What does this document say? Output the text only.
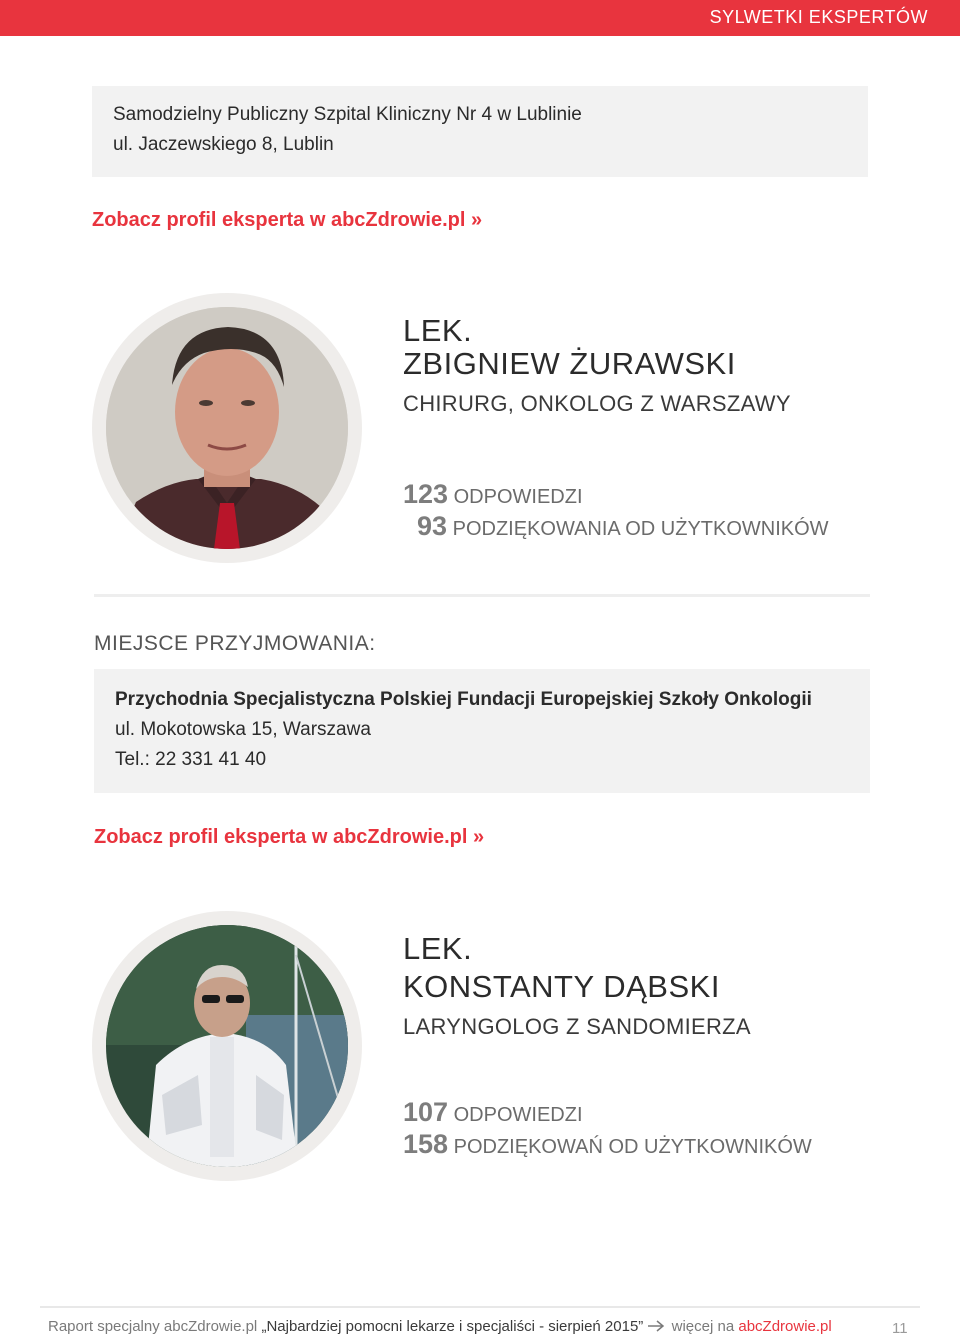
SYLWETKI EKSPERTÓW
Samodzielny Publiczny Szpital Kliniczny Nr 4 w Lublinie
ul. Jaczewskiego 8, Lublin
Zobacz profil eksperta w abcZdrowie.pl »
LEK.
ZBIGNIEW ŻURAWSKI
CHIRURG, ONKOLOG Z WARSZAWY
123 ODPOWIEDZI
93 PODZIĘKOWANIA OD UŻYTKOWNIKÓW
MIEJSCE PRZYJMOWANIA:
Przychodnia Specjalistyczna Polskiej Fundacji Europejskiej Szkoły Onkologii
ul. Mokotowska 15, Warszawa
Tel.: 22 331 41 40
Zobacz profil eksperta w abcZdrowie.pl »
LEK.
KONSTANTY DĄBSKI
LARYNGOLOG Z SANDOMIERZA
107 ODPOWIEDZI
158 PODZIĘKOWAŃ OD UŻYTKOWNIKÓW
Raport specjalny abcZdrowie.pl „Najbardziej pomocni lekarze i specjaliści - sierpień 2015” więcej na abcZdrowie.pl	11
